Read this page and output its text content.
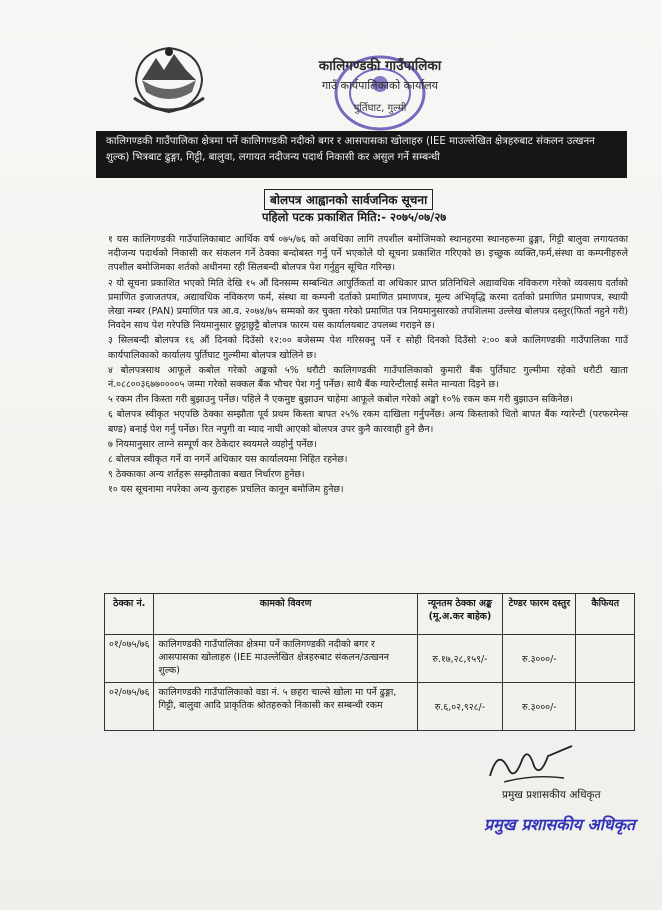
कालिगण्डकी गाउँपालिका
गाउँ कार्यपालिकाको कार्यालय
पुर्तिघाट, गुल्मी
कालिगण्डकी गाउँपालिका क्षेत्रमा पर्ने कालिगण्डकी नदीको बगर र आसपासका खोलाहरु (IEE माउल्लेखित क्षेत्रहरुबाट संकलन उत्खनन शुल्क) भित्रबाट ढुङ्गा, गिट्टी, बालुवा, लगायत नदीजन्य पदार्थ निकासी कर असुल गर्ने सम्बन्धी
बोलपत्र आह्वानको सार्वजनिक सूचना
पहिलो पटक प्रकाशित मिति:- २०७५/०७/२७

१ यस कालिगण्डकी गाउँपालिकाबाट आर्थिक वर्ष ०७५/७६ को अवधिका लागि तपशील बमोजिमको स्थानहरमा स्थानहरूमा ढुङ्गा, गिट्टी बालुवा लगायतका नदीजन्य पदार्थको निकासी कर संकलन गर्ने ठेक्का बन्दोबस्त गर्नु पर्ने भएकोले यो सूचना प्रकाशित गरिएको छ। इच्छुक व्यक्ति,फर्म,संस्था वा कम्पनीहरुले तपशील बमोजिमका शर्तको अधीनमा रही सिलबन्दी बोलपत्र पेश गर्नुहुन सूचित गरिन्छ।

२ यो सूचना प्रकाशित भएको मिति देखि १५ औं दिनसम्म सम्बन्धित आपुर्तिकर्ता वा अधिकार प्राप्त प्रतिनिधिले अद्यावधिक नविकरण गरेको व्यवसाय दर्ताको प्रमाणित इजाजतपत्र, अद्यावधिक नविकरण फर्म, संस्था वा कम्पनी दर्ताको प्रमाणित प्रमाणपत्र, मूल्य अभिवृद्धि करमा दर्ताको प्रमाणित प्रमाणपत्र, स्थायी लेखा नम्बर (PAN) प्रमाणित पत्र आ.व. २०७४/७५ सम्मको कर चुक्ता गरेको प्रमाणित पत्र नियमानुसारको तपशिलमा उल्लेख बोलपत्र दस्तुर(फिर्ता नहुने गरी) निवदेन साथ पेश गरेपछि नियमानुसार छुट्टाछुट्टै बोलपत्र फारम यस कार्यालयबाट उपलब्ध गराइने छ।

३ सिलबन्दी बोलपत्र १६ औं दिनको दिउँसो १२:०० बजेसम्म पेश गरिसक्नु पर्ने र सोही दिनको दिउँसो २:०० बजे कालिगण्डकी गाउँपालिका गाउँ कार्यपालिकाको कार्यालय पुर्तिघाट गुल्मीमा बोलपत्र खोलिने छ।

४ बोलपत्रसाथ आफूले कबोल गरेको अङ्कको ५% धरौटी कालिगण्डकी गाउँपालिकाको कुमारी बैंक पुर्तिघाट गुल्मीमा रहेको धरौटी खाता नं.०८८००३६७७००००५ जम्मा गरेको सक्कल बैंक भौचर पेश गर्नु पर्नेछ। साथै बैंक ग्यारेन्टीलाई समेत मान्यता दिइने छ।

५ रकम तीन किस्ता गरी बुझाउनु पर्नेछ। पहिले नै एकमुष्ट बुझाउन चाहेमा आफूले कबोल गरेको अङ्को १०% रकम कम गरी बुझाउन सकिनेछ।

६ बोलपत्र स्वीकृत भएपछि ठेक्का सम्झौता पूर्व प्रथम किस्ता बापत २५% रकम दाखिला गर्नुपर्नेछ। अन्य किस्ताको धितो बापत बैंक ग्यारेन्टी (परफरमेन्स बण्ड) बनाई पेश गर्नु पर्नेछ। रित नपुगी वा म्याद नाघी आएको बोलपत्र उपर कुनै कारवाही हुने छैन।

७ नियमानुसार लाग्ने सम्पूर्ण कर ठेकेदार स्वयमले व्यहोर्नु पर्नेछ।

८ बोलपत्र स्वीकृत गर्ने वा नगर्ने अधिकार यस कार्यालयमा निहित रहनेछ।

९ ठेक्काका अन्य शर्तहरू सम्झौताका बखत निर्धारण हुनेछ।

१० यस सूचनामा नपरेका अन्य कुराहरू प्रचलित कानून बमोजिम हुनेछ।

ठेक्का नं.	कामको विवरण	न्यूनतम ठेक्का अङ्क (मू.अ.कर बाहेक)	टेण्डर फारम दस्तुर	कैफियत
०१/०७५/७६	कालिगण्डकी गाउँपालिका क्षेत्रमा पर्ने कालिगण्डकी नदीको बगर र आसपासका खोलाहरु (IEE माउल्लेखित क्षेत्रहरुबाट संकलन/उत्खनन शुल्क)	रु.१७,२८,१५९/-	रु.३०००/-	
०२/०७५/७६	कालिगण्डकी गाउँपालिकाको वडा नं. ५ छहरा चाल्से खोला मा पर्ने ढुङ्गा, गिट्टी, बालुवा आदि प्राकृतिक श्रोतहरुको निकासी कर सम्बन्धी रकम	रु.६,०२,९२८/-	रु.३०००/-	
प्रमुख प्रशासकीय अधिकृत
प्रमुख प्रशासकीय अधिकृत
